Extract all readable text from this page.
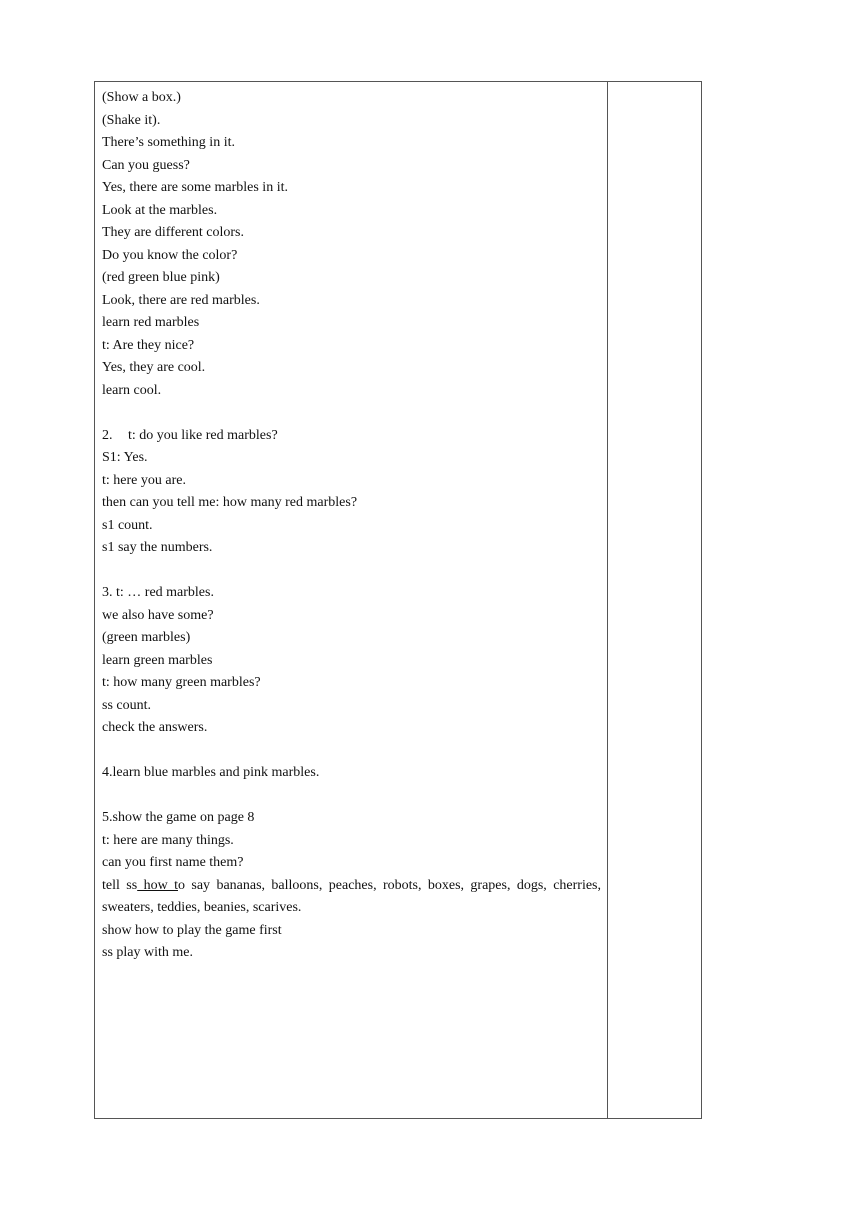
(Show a box.)
(Shake it).
There’s something in it.
Can you guess?
Yes, there are some marbles in it.
Look at the marbles.
They are different colors.
Do you know the color?
(red green blue pink)
Look, there are red marbles.
learn red marbles
t: Are they nice?
Yes, they are cool.
learn cool.
2. t: do you like red marbles?
S1: Yes.
t: here you are.
then can you tell me: how many red marbles?
s1 count.
s1 say the numbers.
3. t: … red marbles.
we also have some?
(green marbles)
learn green marbles
t: how many green marbles?
ss count.
check the answers.
4.learn blue marbles and pink marbles.
5.show the game on page 8
t: here are many things.
can you first name them?
tell ss how to say bananas, balloons, peaches, robots, boxes, grapes, dogs, cherries, sweaters, teddies, beanies, scarives.
show how to play the game first
ss play with me.
